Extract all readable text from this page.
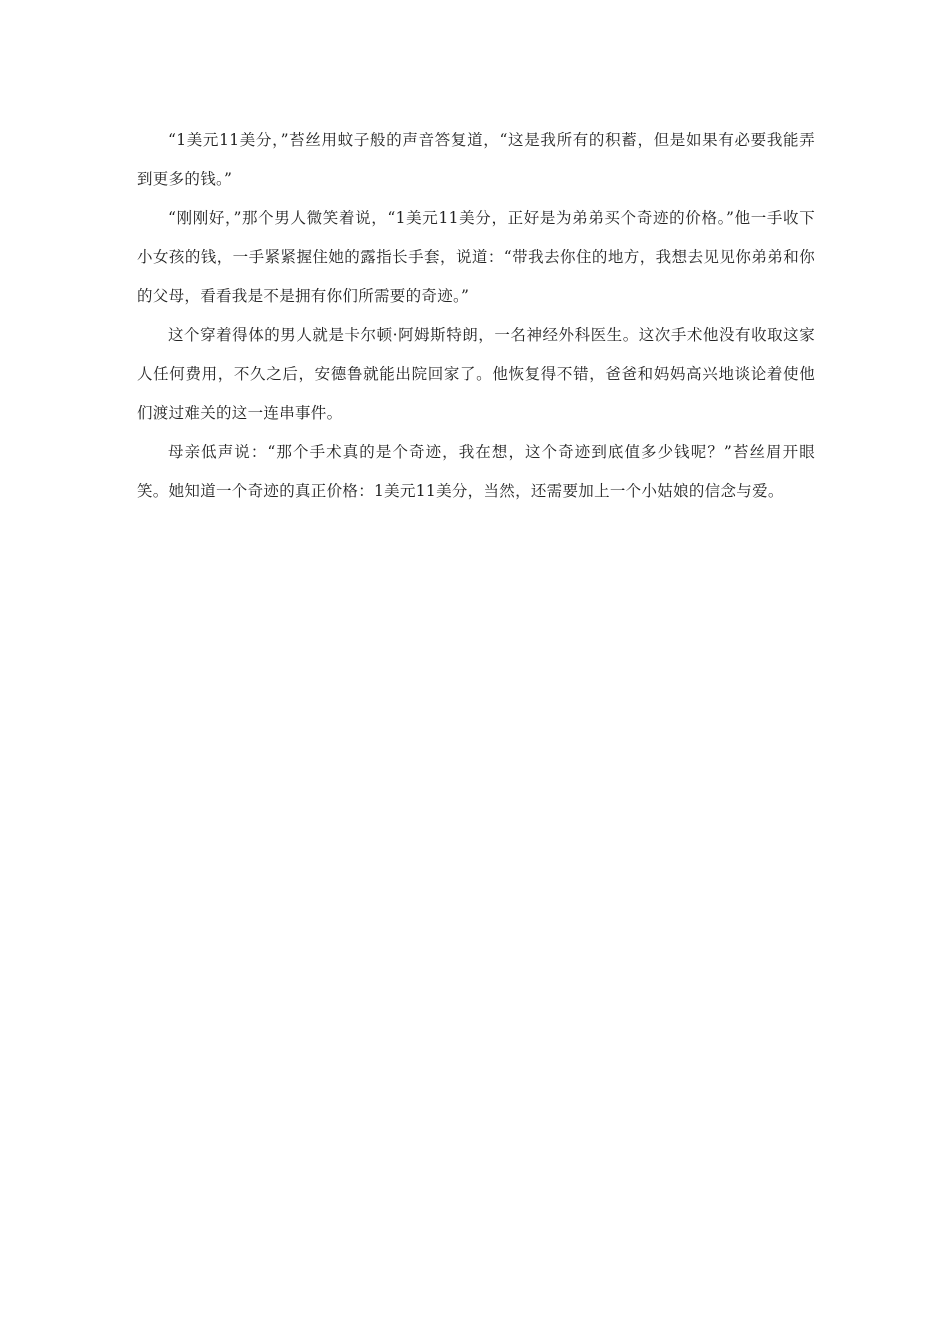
“1美元11美分，”苔丝用蚊子般的声音答复道，“这是我所有的积蓄，但是如果有必要我能弄到更多的钱。”

“刚刚好，”那个男人微笑着说，“1美元11美分，正好是为弟弟买个奇迹的价格。”他一手收下小女孩的钱，一手紧紧握住她的露指长手套，说道：“带我去你住的地方，我想去见见你弟弟和你的父母，看看我是不是拥有你们所需要的奇迹。”

这个穿着得体的男人就是卡尔顿·阿姆斯特朗，一名神经外科医生。这次手术他没有收取这家人任何费用，不久之后，安德鲁就能出院回家了。他恢复得不错，爸爸和妈妈高兴地谈论着使他们渡过难关的这一连串事件。

母亲低声说：“那个手术真的是个奇迹，我在想，这个奇迹到底值多少钱呢？”苔丝眉开眼笑。她知道一个奇迹的真正价格：1美元11美分，当然，还需要加上一个小姑娘的信念与爱。
